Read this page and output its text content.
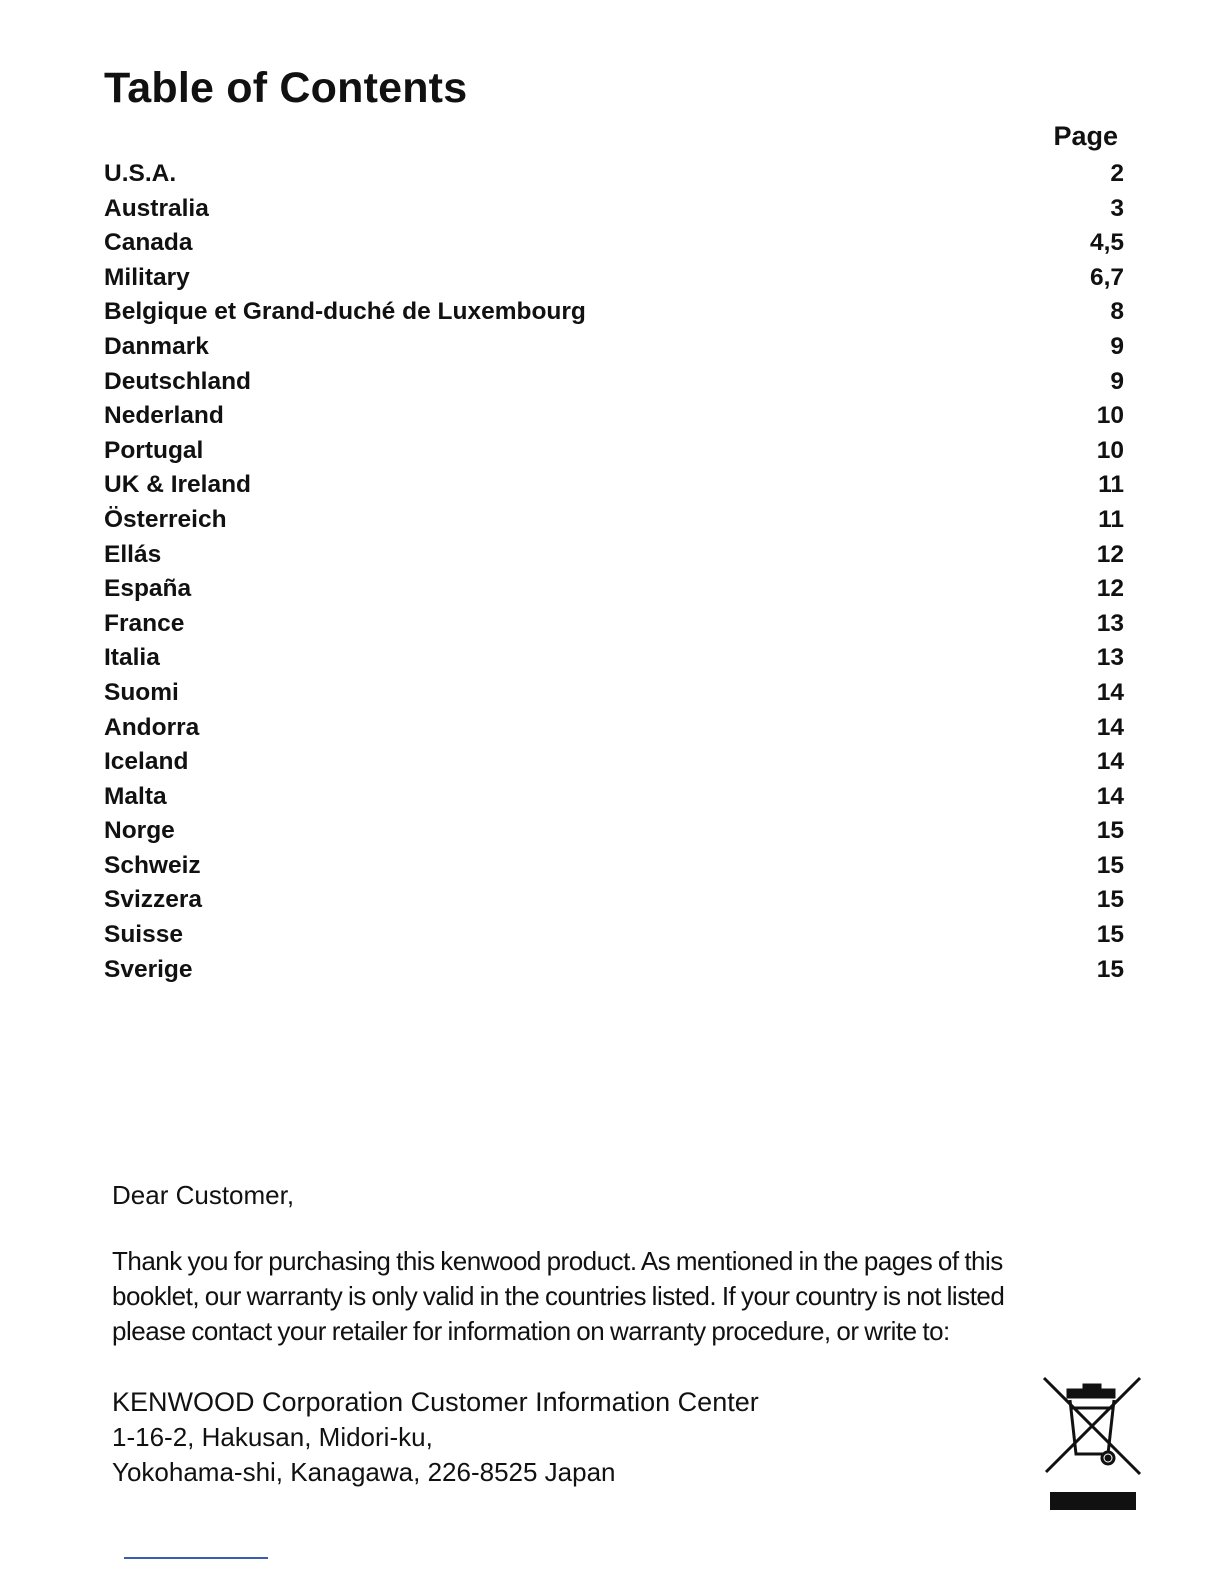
Table of Contents
Page
U.S.A.	2
Australia	3
Canada	4,5
Military	6,7
Belgique et Grand-duché de Luxembourg	8
Danmark	9
Deutschland	9
Nederland	10
Portugal	10
UK & Ireland	11
Österreich	11
Ellás	12
España	12
France	13
Italia	13
Suomi	14
Andorra	14
Iceland	14
Malta	14
Norge	15
Schweiz	15
Svizzera	15
Suisse	15
Sverige	15

Dear Customer,

Thank you for purchasing this kenwood product. As mentioned in the pages of this

booklet, our warranty is only valid in the countries listed. If your country is not listed

please contact your retailer for information on warranty procedure, or write to:

KENWOOD Corporation Customer Information Center
1-16-2, Hakusan, Midori-ku,
Yokohama-shi, Kanagawa, 226-8525 Japan
